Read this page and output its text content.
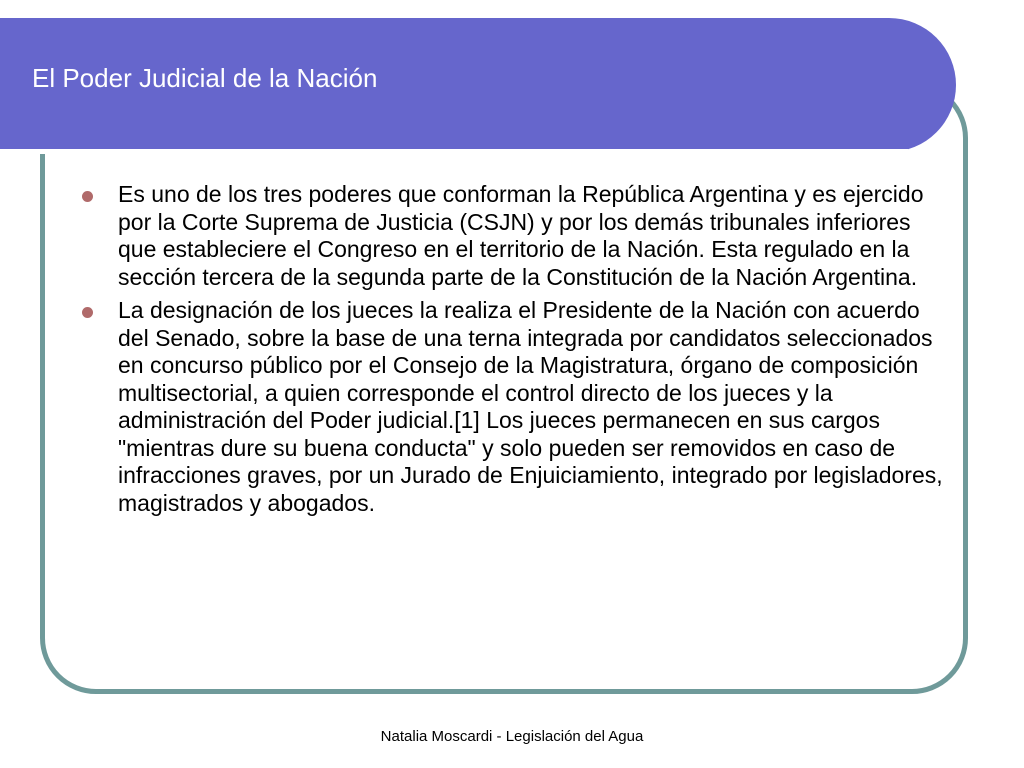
El Poder Judicial de la Nación
Es uno de los tres poderes que conforman la República Argentina y es ejercido por la Corte Suprema de Justicia (CSJN) y por los demás tribunales inferiores que estableciere el Congreso en el territorio de la Nación. Esta regulado en la sección tercera de la segunda parte de la Constitución de la Nación Argentina.
La designación de los jueces la realiza el Presidente de la Nación con acuerdo del Senado, sobre la base de una terna integrada por candidatos seleccionados en concurso público por el Consejo de la Magistratura, órgano de composición multisectorial, a quien corresponde el control directo de los jueces y la administración del Poder judicial.[1] Los jueces permanecen en sus cargos "mientras dure su buena conducta" y solo pueden ser removidos en caso de infracciones graves, por un Jurado de Enjuiciamiento, integrado por legisladores, magistrados y abogados.
Natalia Moscardi - Legislación del Agua
